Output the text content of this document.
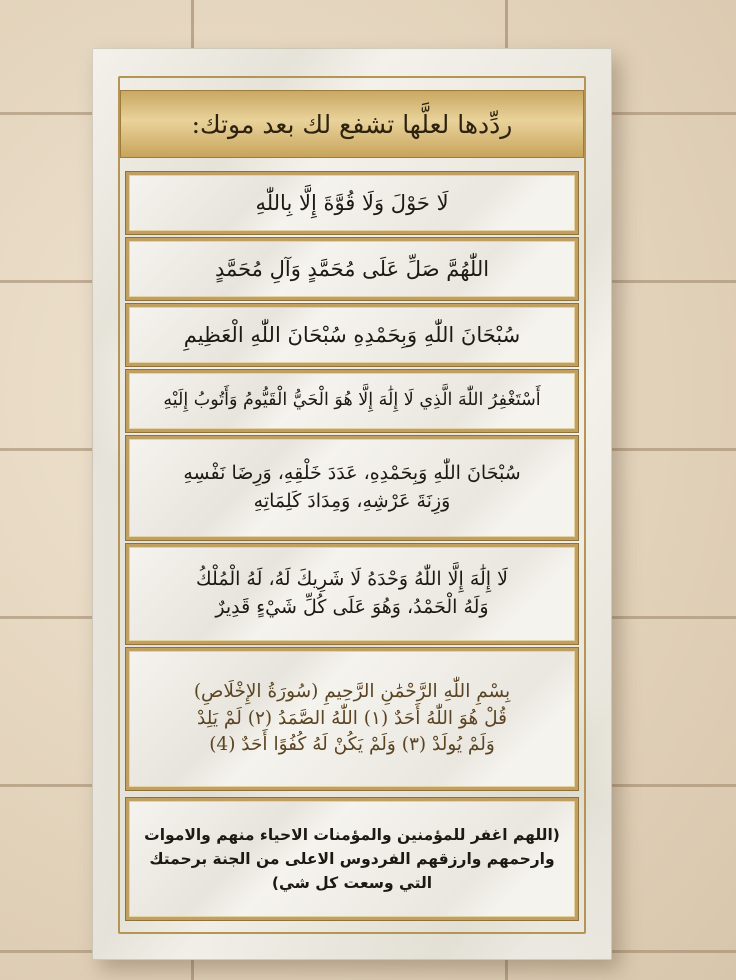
ردِّدها لعلَّها تشفع لك بعد موتك:
لَا حَوْلَ وَلَا قُوَّةَ إِلَّا بِاللّٰهِ
اللّٰهُمَّ صَلِّ عَلَى مُحَمَّدٍ وَآلِ مُحَمَّدٍ
سُبْحَانَ اللّٰهِ وَبِحَمْدِهِ سُبْحَانَ اللّٰهِ الْعَظِيمِ
أَسْتَغْفِرُ اللّٰهَ الَّذِي لَا إِلَٰهَ إِلَّا هُوَ الْحَيُّ الْقَيُّومُ وَأَتُوبُ إِلَيْهِ
سُبْحَانَ اللّٰهِ وَبِحَمْدِهِ، عَدَدَ خَلْقِهِ، وَرِضَا نَفْسِهِ
وَزِنَةَ عَرْشِهِ، وَمِدَادَ كَلِمَاتِهِ
لَا إِلَٰهَ إِلَّا اللّٰهُ وَحْدَهُ لَا شَرِيكَ لَهُ، لَهُ الْمُلْكُ
وَلَهُ الْحَمْدُ، وَهُوَ عَلَى كُلِّ شَيْءٍ قَدِيرٌ
بِسْمِ اللّٰهِ الرَّحْمَٰنِ الرَّحِيمِ (سُورَةُ الإِخْلَاصِ)
قُلْ هُوَ اللّٰهُ أَحَدٌ (١) اللّٰهُ الصَّمَدُ (٢) لَمْ يَلِدْ
وَلَمْ يُولَدْ (٣) وَلَمْ يَكُنْ لَهُ كُفُوًا أَحَدٌ (4)
(اللهم اغفر للمؤمنين والمؤمنات الاحياء منهم والاموات
وارحمهم وارزقهم الفردوس الاعلى من الجنة برحمتك
التي وسعت كل شي)
